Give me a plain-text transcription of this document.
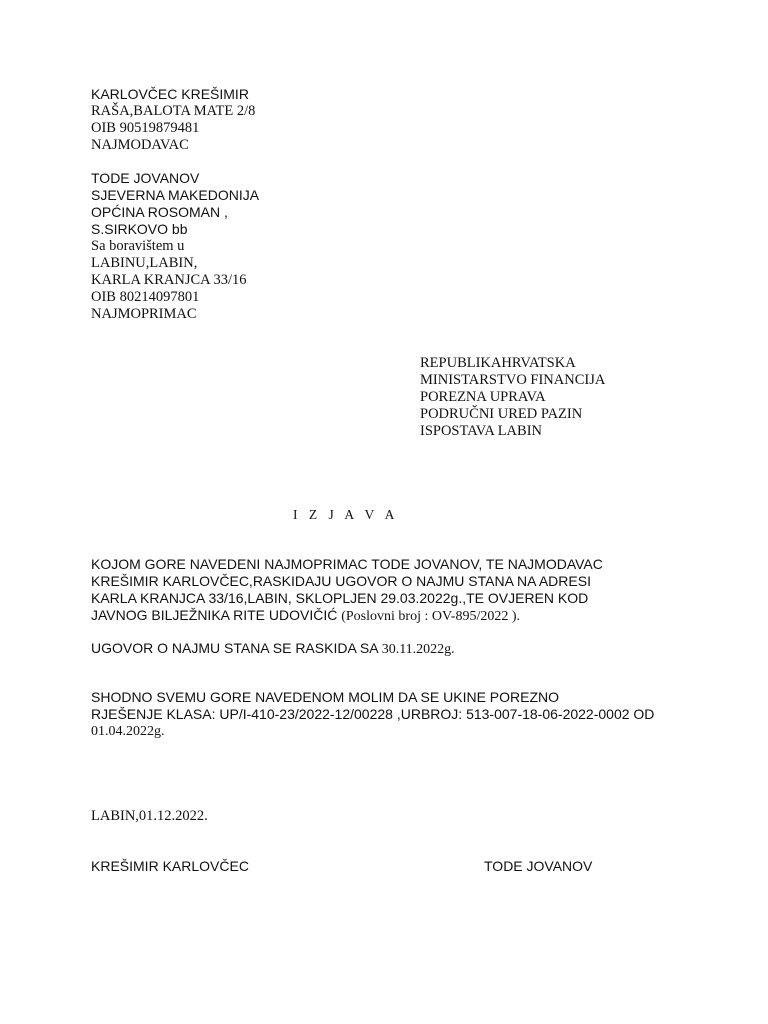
KARLOVČEC KREŠIMIR
RAŠA,BALOTA MATE 2/8
OIB 90519879481
NAJMODAVAC
TODE JOVANOV
SJEVERNA MAKEDONIJA
OPĆINA ROSOMAN ,
S.SIRKOVO bb
Sa boravištem u
LABINU,LABIN,
KARLA KRANJCA 33/16
OIB 80214097801
NAJMOPRIMAC
REPUBLIKAHRVATSKA
MINISTARSTVO FINANCIJA
POREZNA UPRAVA
PODRUČNI URED PAZIN
ISPOSTAVA LABIN
I Z J A V A
KOJOM GORE NAVEDENI NAJMOPRIMAC TODE JOVANOV, TE NAJMODAVAC
KREŠIMIR KARLOVČEC,RASKIDAJU UGOVOR O NAJMU STANA NA ADRESI
KARLA KRANJCA 33/16,LABIN, SKLOPLJEN 29.03.2022g.,TE OVJEREN KOD
JAVNOG BILJEŽNIKA RITE UDOVIČIĆ (Poslovni broj : OV-895/2022 ).
UGOVOR O NAJMU STANA SE RASKIDA SA 30.11.2022g.
SHODNO SVEMU GORE NAVEDENOM MOLIM DA SE UKINE POREZNO
RJEŠENJE KLASA: UP/I-410-23/2022-12/00228 ,URBROJ: 513-007-18-06-2022-0002 OD
01.04.2022g.
LABIN,01.12.2022.
KREŠIMIR KARLOVČEC	TODE JOVANOV
